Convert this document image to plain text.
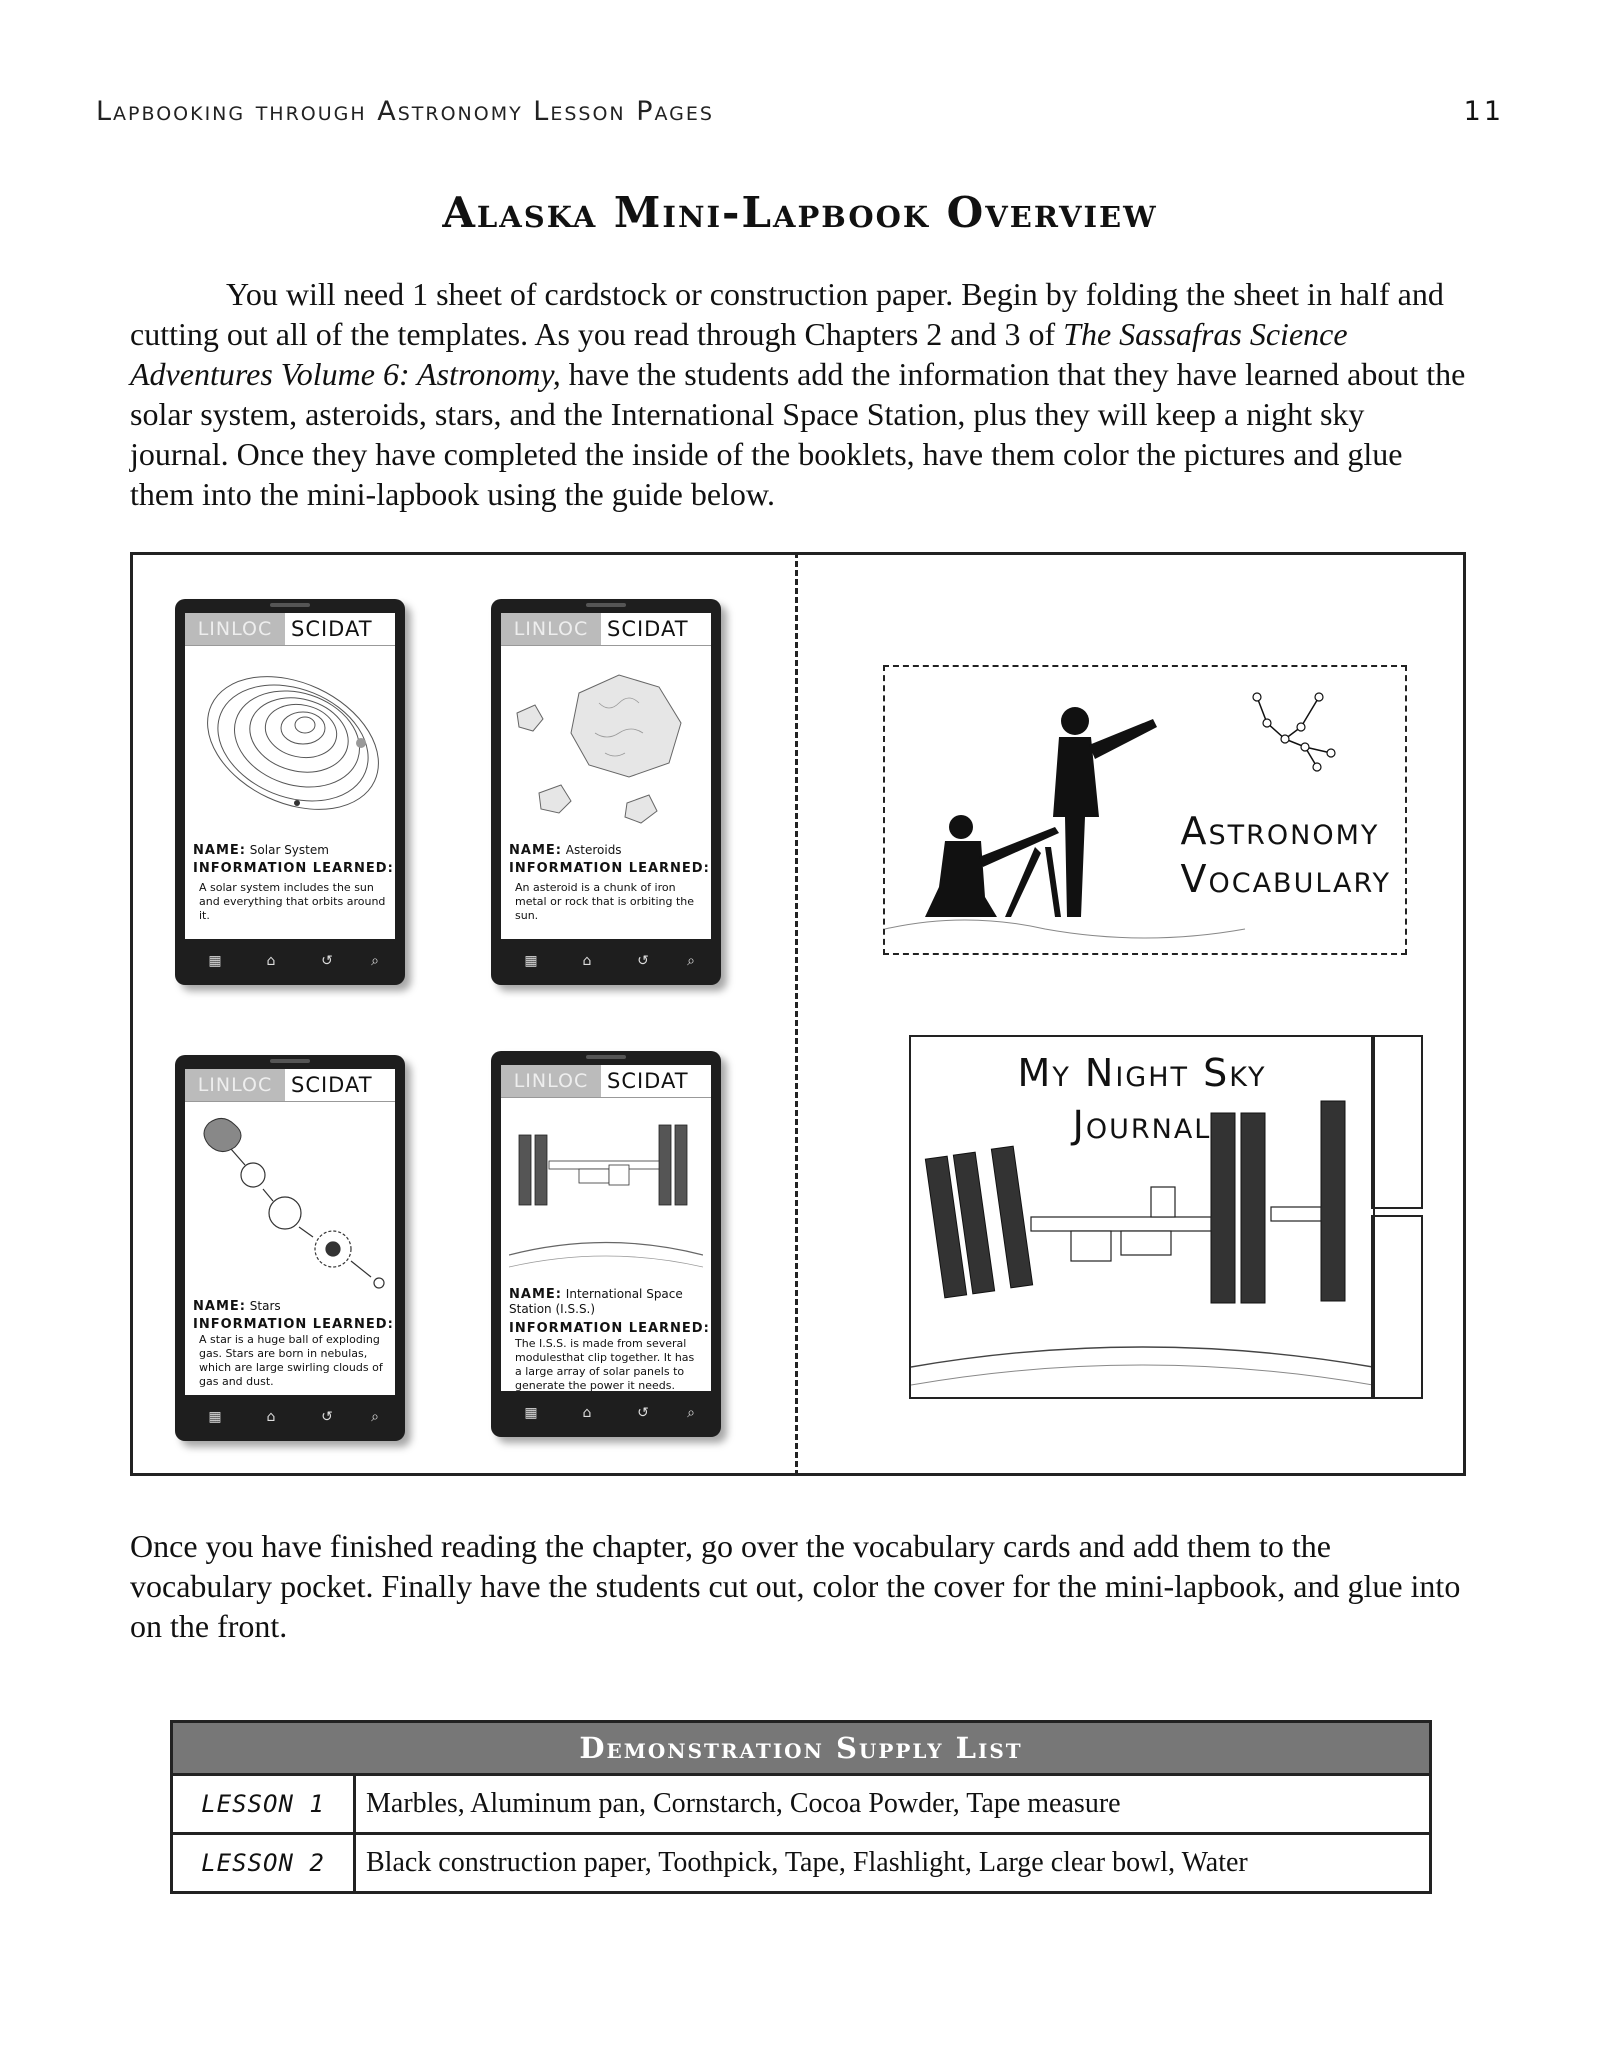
Lapbooking through Astronomy Lesson Pages	11
Alaska Mini-Lapbook Overview

You will need 1 sheet of cardstock or construction paper. Begin by folding the sheet in half and cutting out all of the templates. As you read through Chapters 2 and 3 of The Sassafras Science Adventures Volume 6: Astronomy, have the students add the information that they have learned about the solar system, asteroids, stars, and the International Space Station, plus they will keep a night sky journal. Once they have completed the inside of the booklets, have them color the pictures and glue them into the mini-lapbook using the guide below.

LINLOC SCIDAT
NAME: Solar System
INFORMATION LEARNED:
A solar system includes the sun and everything that orbits around it.
▦	⌂	↺	⌕
LINLOC SCIDAT
NAME: Asteroids
INFORMATION LEARNED:
An asteroid is a chunk of iron metal or rock that is orbiting the sun.
▦	⌂	↺	⌕
LINLOC SCIDAT
NAME: Stars
INFORMATION LEARNED:
A star is a huge ball of exploding gas. Stars are born in nebulas, which are large swirling clouds of gas and dust.
▦	⌂	↺	⌕
LINLOC SCIDAT
NAME: International Space Station (I.S.S.)
INFORMATION LEARNED:
The I.S.S. is made from several modulesthat clip together. It has a large array of solar panels to generate the power it needs.
▦	⌂	↺	⌕
Astronomy
Vocabulary
My Night Sky
Journal

Once you have finished reading the chapter, go over the vocabulary cards and add them to the vocabulary pocket. Finally have the students cut out, color the cover for the mini-lapbook, and glue into on the front.

Demonstration Supply List	
LESSON 1	Marbles, Aluminum pan, Cornstarch, Cocoa Powder, Tape measure
LESSON 2	Black construction paper, Toothpick, Tape, Flashlight, Large clear bowl, Water
